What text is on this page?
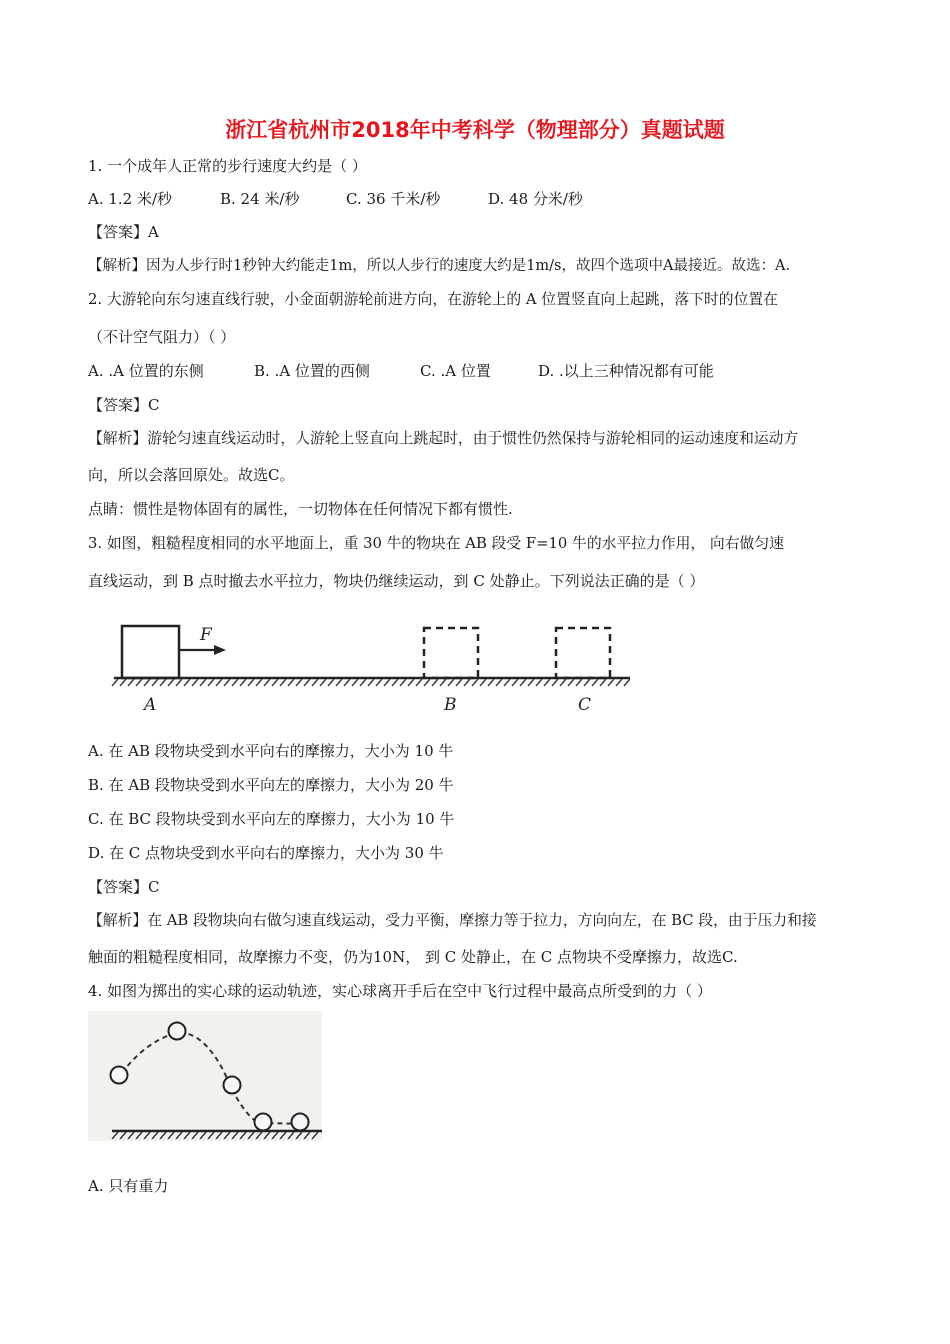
浙江省杭州市2018年中考科学（物理部分）真题试题
1. 一个成年人正常的步行速度大约是（ ）
A. 1.2 米/秒	B. 24 米/秒	C. 36 千米/秒	D. 48 分米/秒
【答案】A
【解析】因为人步行时1秒钟大约能走1m，所以人步行的速度大约是1m/s，故四个选项中A最接近。故选：A.
2. 大游轮向东匀速直线行驶，小金面朝游轮前进方向，在游轮上的 A 位置竖直向上起跳，落下时的位置在
（不计空气阻力）（ ）
A. .A 位置的东侧	B. .A 位置的西侧	C. .A 位置	D. .以上三种情况都有可能
【答案】C
【解析】游轮匀速直线运动时，人游轮上竖直向上跳起时，由于惯性仍然保持与游轮相同的运动速度和运动方
向，所以会落回原处。故选C。
点睛：惯性是物体固有的属性，一切物体在任何情况下都有惯性.
3. 如图，粗糙程度相同的水平地面上，重 30 牛的物块在 AB 段受 F=10 牛的水平拉力作用， 向右做匀速
直线运动，到 B 点时撤去水平拉力，物块仍继续运动，到 C 处静止。下列说法正确的是（ ）
F
A	B	C
A. 在 AB 段物块受到水平向右的摩擦力，大小为 10 牛
B. 在 AB 段物块受到水平向左的摩擦力，大小为 20 牛
C. 在 BC 段物块受到水平向左的摩擦力，大小为 10 牛
D. 在 C 点物块受到水平向右的摩擦力，大小为 30 牛
【答案】C
【解析】在 AB 段物块向右做匀速直线运动，受力平衡，摩擦力等于拉力，方向向左，在 BC 段，由于压力和接
触面的粗糙程度相同，故摩擦力不变，仍为10N， 到 C 处静止，在 C 点物块不受摩擦力，故选C.
4. 如图为掷出的实心球的运动轨迹，实心球离开手后在空中飞行过程中最高点所受到的力（ ）
A. 只有重力
